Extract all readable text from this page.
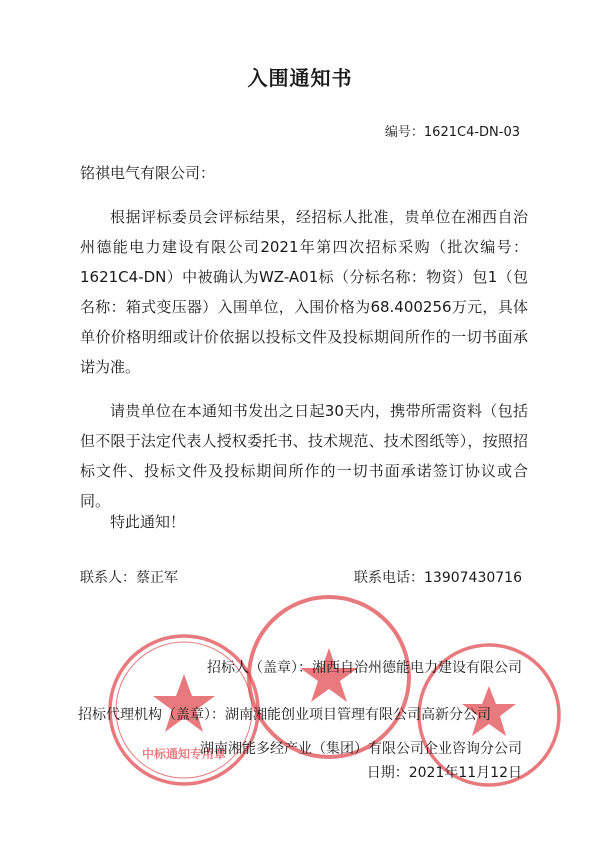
中标通知专用章
入围通知书
编号：1621C4-DN-03
铭祺电气有限公司：

根据评标委员会评标结果，经招标人批准，贵单位在湘西自治州德能电力建设有限公司2021年第四次招标采购（批次编号：1621C4-DN）中被确认为WZ-A01标（分标名称：物资）包1（包名称：箱式变压器）入围单位，入围价格为68.400256万元，具体单价价格明细或计价依据以投标文件及投标期间所作的一切书面承诺为准。

请贵单位在本通知书发出之日起30天内，携带所需资料（包括但不限于法定代表人授权委托书、技术规范、技术图纸等），按照招标文件、投标文件及投标期间所作的一切书面承诺签订协议或合同。

特此通知！
联系人：蔡正军	联系电话：13907430716
招标人（盖章）：湘西自治州德能电力建设有限公司
招标代理机构（盖章）：湖南湘能创业项目管理有限公司高新分公司
湖南湘能多经产业（集团）有限公司企业咨询分公司
日期：2021年11月12日
